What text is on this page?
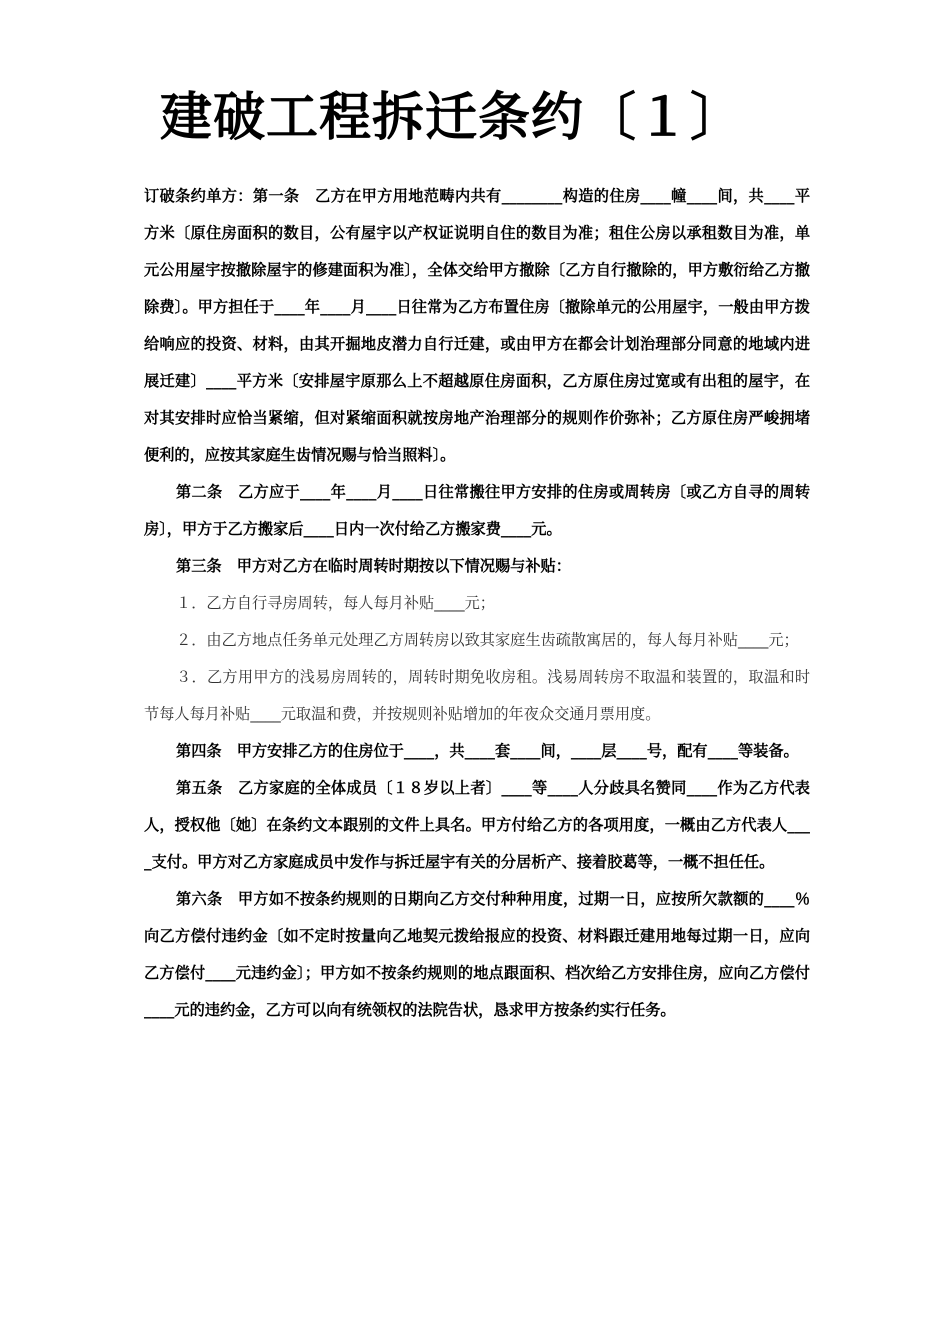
建破工程拆迁条约〔１〕

订破条约单方：第一条　乙方在甲方用地范畴内共有________构造的住房____幢____间，共____平方米〔原住房面积的数目，公有屋宇以产权证说明自住的数目为准；租住公房以承租数目为准，单元公用屋宇按撤除屋宇的修建面积为准〕，全体交给甲方撤除〔乙方自行撤除的，甲方敷衍给乙方撤除费〕。甲方担任于____年____月____日往常为乙方布置住房〔撤除单元的公用屋宇，一般由甲方拨给响应的投资、材料，由其开掘地皮潜力自行迁建，或由甲方在都会计划治理部分同意的地域内进展迁建〕____平方米〔安排屋宇原那么上不超越原住房面积，乙方原住房过宽或有出租的屋宇，在对其安排时应恰当紧缩，但对紧缩面积就按房地产治理部分的规则作价弥补；乙方原住房严峻拥堵便利的，应按其家庭生齿情况赐与恰当照料〕。

第二条　乙方应于____年____月____日往常搬往甲方安排的住房或周转房〔或乙方自寻的周转房〕，甲方于乙方搬家后____日内一次付给乙方搬家费____元。

第三条　甲方对乙方在临时周转时期按以下情况赐与补贴：

１．乙方自行寻房周转，每人每月补贴____元；

２．由乙方地点任务单元处理乙方周转房以致其家庭生齿疏散寓居的，每人每月补贴____元；

３．乙方用甲方的浅易房周转的，周转时期免收房租。浅易周转房不取温和装置的，取温和时节每人每月补贴____元取温和费，并按规则补贴增加的年夜众交通月票用度。

第四条　甲方安排乙方的住房位于____，共____套____间，____层____号，配有____等装备。

第五条　乙方家庭的全体成员〔１８岁以上者〕____等____人分歧具名赞同____作为乙方代表人，授权他〔她〕在条约文本跟别的文件上具名。甲方付给乙方的各项用度，一概由乙方代表人____支付。甲方对乙方家庭成员中发作与拆迁屋宇有关的分居析产、接着胶葛等，一概不担任任。

第六条　甲方如不按条约规则的日期向乙方交付种种用度，过期一日，应按所欠款额的____％向乙方偿付违约金〔如不定时按量向乙地契元拨给报应的投资、材料跟迁建用地每过期一日，应向乙方偿付____元违约金〕；甲方如不按条约规则的地点跟面积、档次给乙方安排住房，应向乙方偿付____元的违约金，乙方可以向有统领权的法院告状，恳求甲方按条约实行任务。
